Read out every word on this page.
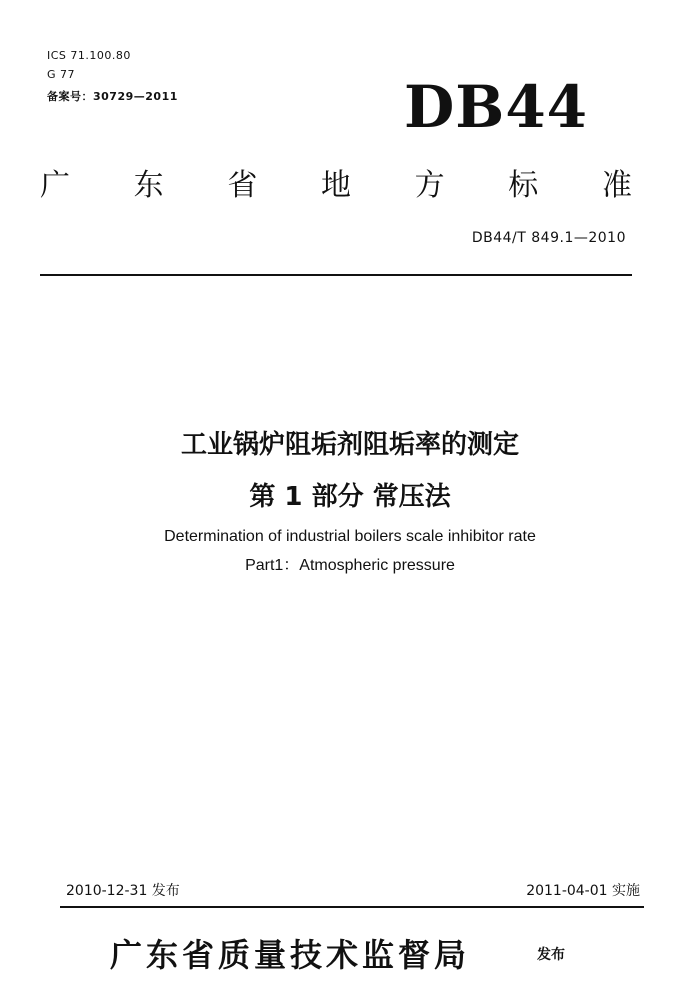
ICS 71.100.80
G 77
备案号：30729—2011	DB44
广 东 省 地 方 标 准
DB44/T 849.1—2010
工业锅炉阻垢剂阻垢率的测定
第 1 部分 常压法
Determination of industrial boilers scale inhibitor rate
Part1：Atmospheric pressure
2010-12-31 发布	2011-04-01 实施
广东省质量技术监督局	发布
